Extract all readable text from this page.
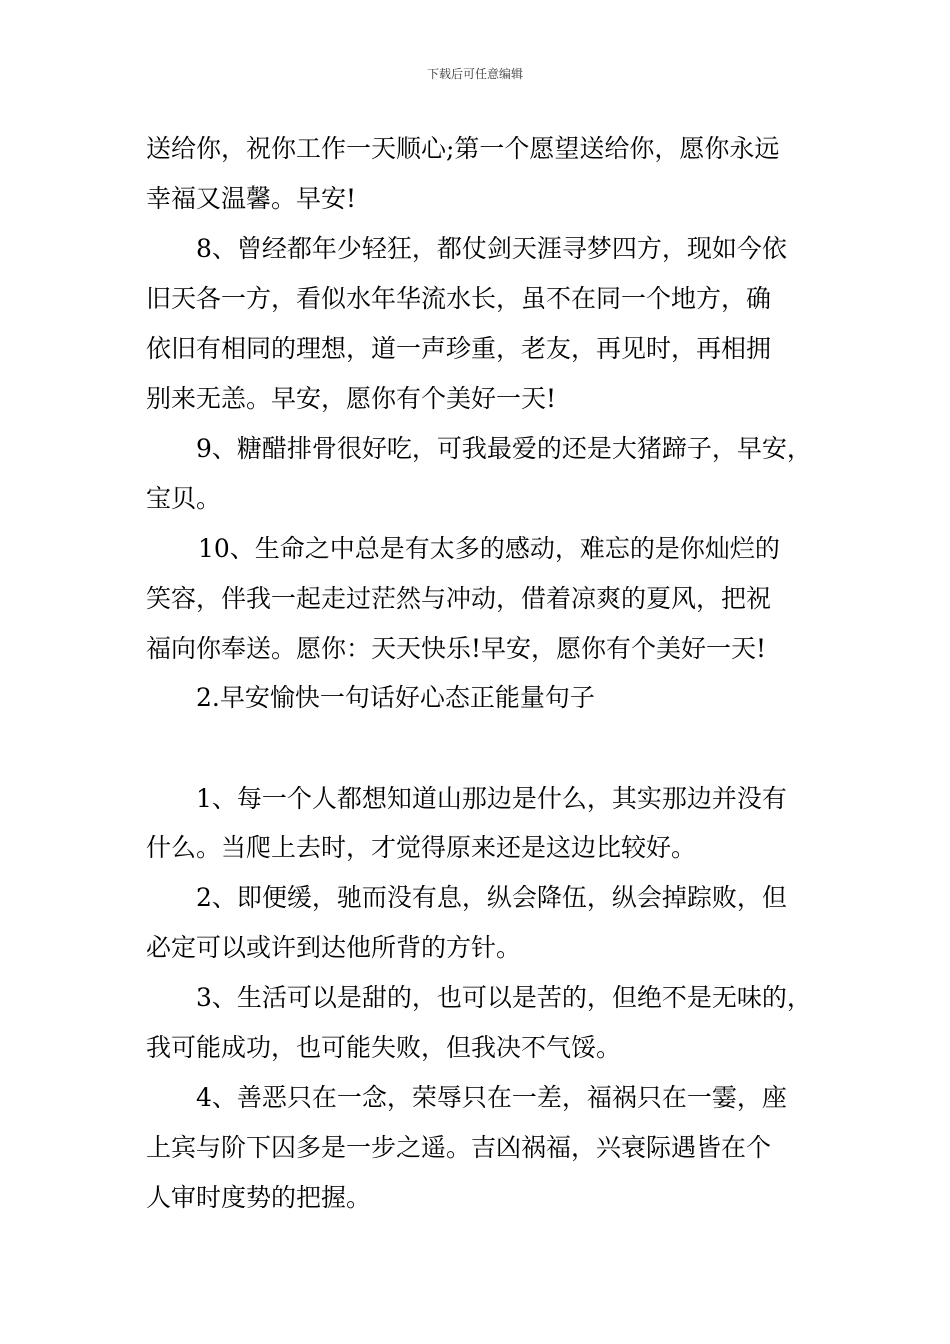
下载后可任意编辑
送给你，祝你工作一天顺心;第一个愿望送给你，愿你永远
幸福又温馨。早安!
8、曾经都年少轻狂，都仗剑天涯寻梦四方，现如今依
旧天各一方，看似水年华流水长，虽不在同一个地方，确
依旧有相同的理想，道一声珍重，老友，再见时，再相拥
别来无恙。早安，愿你有个美好一天!
9、糖醋排骨很好吃，可我最爱的还是大猪蹄子，早安，
宝贝。
10、生命之中总是有太多的感动，难忘的是你灿烂的
笑容，伴我一起走过茫然与冲动，借着凉爽的夏风，把祝
福向你奉送。愿你：天天快乐!早安，愿你有个美好一天!
2.早安愉快一句话好心态正能量句子
1、每一个人都想知道山那边是什么，其实那边并没有
什么。当爬上去时，才觉得原来还是这边比较好。
2、即便缓，驰而没有息，纵会降伍，纵会掉踪败，但
必定可以或许到达他所背的方针。
3、生活可以是甜的，也可以是苦的，但绝不是无味的，
我可能成功，也可能失败，但我决不气馁。
4、善恶只在一念，荣辱只在一差，福祸只在一霎，座
上宾与阶下囚多是一步之遥。吉凶祸福，兴衰际遇皆在个
人审时度势的把握。
